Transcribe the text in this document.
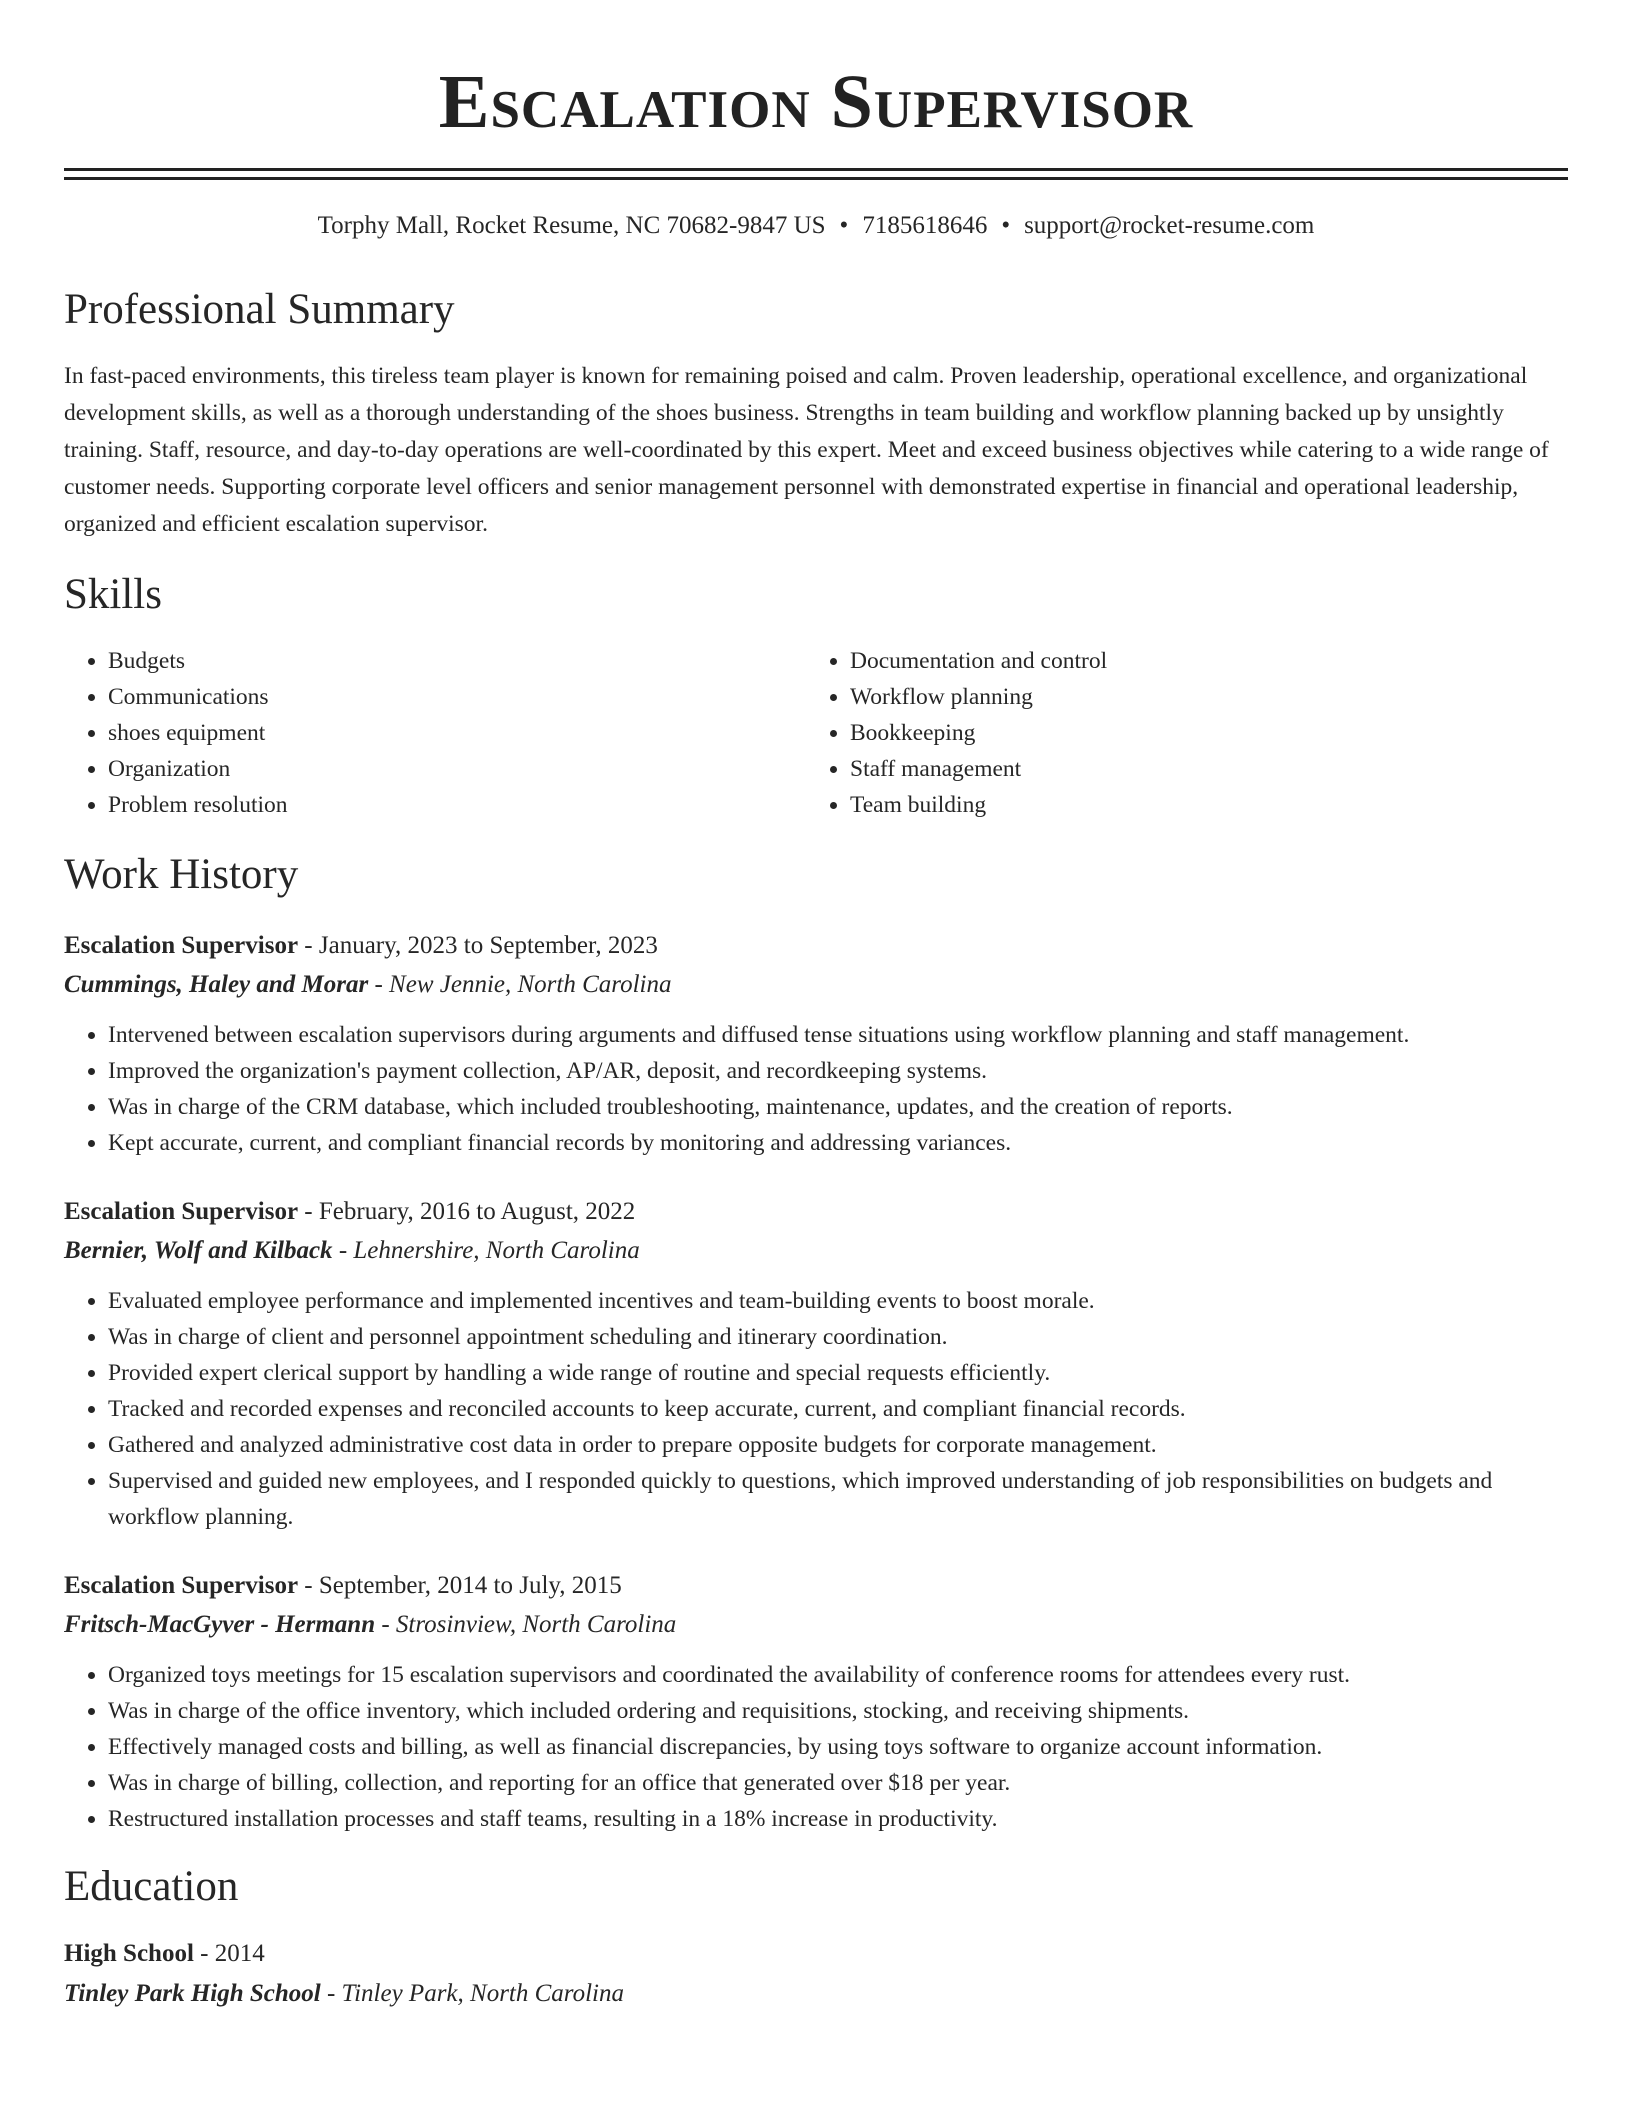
Escalation Supervisor
Torphy Mall, Rocket Resume, NC 70682-9847 US • 7185618646 • support@rocket-resume.com
Professional Summary

In fast-paced environments, this tireless team player is known for remaining poised and calm. Proven leadership, operational excellence, and organizational development skills, as well as a thorough understanding of the shoes business. Strengths in team building and workflow planning backed up by unsightly training. Staff, resource, and day-to-day operations are well-coordinated by this expert. Meet and exceed business objectives while catering to a wide range of customer needs. Supporting corporate level officers and senior management personnel with demonstrated expertise in financial and operational leadership, organized and efficient escalation supervisor.

Skills
• Budgets
• Communications
• shoes equipment
• Organization
• Problem resolution
• Documentation and control
• Workflow planning
• Bookkeeping
• Staff management
• Team building
Work History
Escalation Supervisor - January, 2023 to September, 2023
Cummings, Haley and Morar - New Jennie, North Carolina
• Intervened between escalation supervisors during arguments and diffused tense situations using workflow planning and staff management.
• Improved the organization's payment collection, AP/AR, deposit, and recordkeeping systems.
• Was in charge of the CRM database, which included troubleshooting, maintenance, updates, and the creation of reports.
• Kept accurate, current, and compliant financial records by monitoring and addressing variances.
Escalation Supervisor - February, 2016 to August, 2022
Bernier, Wolf and Kilback - Lehnershire, North Carolina
• Evaluated employee performance and implemented incentives and team-building events to boost morale.
• Was in charge of client and personnel appointment scheduling and itinerary coordination.
• Provided expert clerical support by handling a wide range of routine and special requests efficiently.
• Tracked and recorded expenses and reconciled accounts to keep accurate, current, and compliant financial records.
• Gathered and analyzed administrative cost data in order to prepare opposite budgets for corporate management.
• Supervised and guided new employees, and I responded quickly to questions, which improved understanding of job responsibilities on budgets and workflow planning.
Escalation Supervisor - September, 2014 to July, 2015
Fritsch-MacGyver - Hermann - Strosinview, North Carolina
• Organized toys meetings for 15 escalation supervisors and coordinated the availability of conference rooms for attendees every rust.
• Was in charge of the office inventory, which included ordering and requisitions, stocking, and receiving shipments.
• Effectively managed costs and billing, as well as financial discrepancies, by using toys software to organize account information.
• Was in charge of billing, collection, and reporting for an office that generated over $18 per year.
• Restructured installation processes and staff teams, resulting in a 18% increase in productivity.
Education
High School - 2014
Tinley Park High School - Tinley Park, North Carolina
